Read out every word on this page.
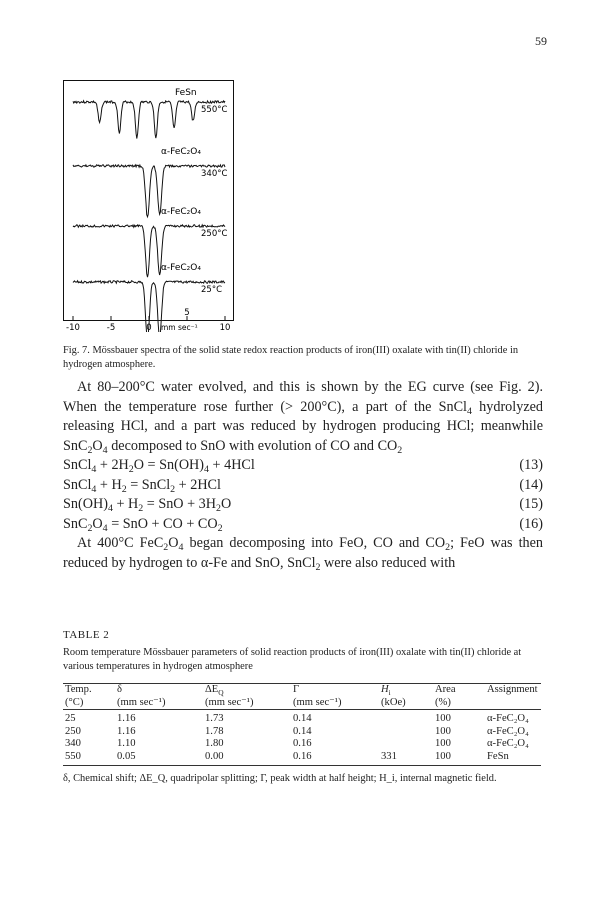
59
FeSn
550°C
α-FeC₂O₄
340°C
α-FeC₂O₄
250°C
α-FeC₂O₄
25°C
-10	-5	0
5
10
mm sec⁻¹
Fig. 7. Mössbauer spectra of the solid state redox reaction products of iron(III) oxalate with tin(II) chloride in hydrogen atmosphere.

At 80–200°C water evolved, and this is shown by the EG curve (see Fig. 2). When the temperature rose further (> 200°C), a part of the SnCl$_4$ hydrolyzed releasing HCl, and a part was reduced by hydrogen producing HCl; meanwhile $SnC_2O_4$ decomposed to SnO with evolution of CO and $CO_2$

SnCl$_4$ + $2H_2O = Sn(OH)_4 + 4HCl$	(13)
SnCl$_4$ + $H_2$ = SnCl$_2$ + 2HCl	(14)
$Sn(OH)_4 + H_2$ = SnO + $3H_2O$	(15)
$SnC_2O_4$ = SnO + CO + $CO_2$	(16)

At 400°C $FeC_2O_4$ began decomposing into FeO, CO and $CO_2$; FeO was then reduced by hydrogen to α-Fe and SnO, SnCl$_2$ were also reduced with

TABLE 2
Room temperature Mössbauer parameters of solid reaction products of iron(III) oxalate with tin(II) chloride at various temperatures in hydrogen atmosphere
Temp.	δ	$\Delta E_Q$	Γ	$H_i$	Area	Assignment
(°C)	(mm sec⁻¹)	(mm sec⁻¹)	(mm sec⁻¹)	(kOe)	(%)	
25	1.16	1.73	0.14		100	α-FeC₂O₄
250	1.16	1.78	0.14		100	α-FeC₂O₄
340	1.10	1.80	0.16		100	α-FeC₂O₄
550	0.05	0.00	0.16	331	100	FeSn
δ, Chemical shift; ΔE_Q, quadripolar splitting; Γ, peak width at half height; H_i, internal magnetic field.
